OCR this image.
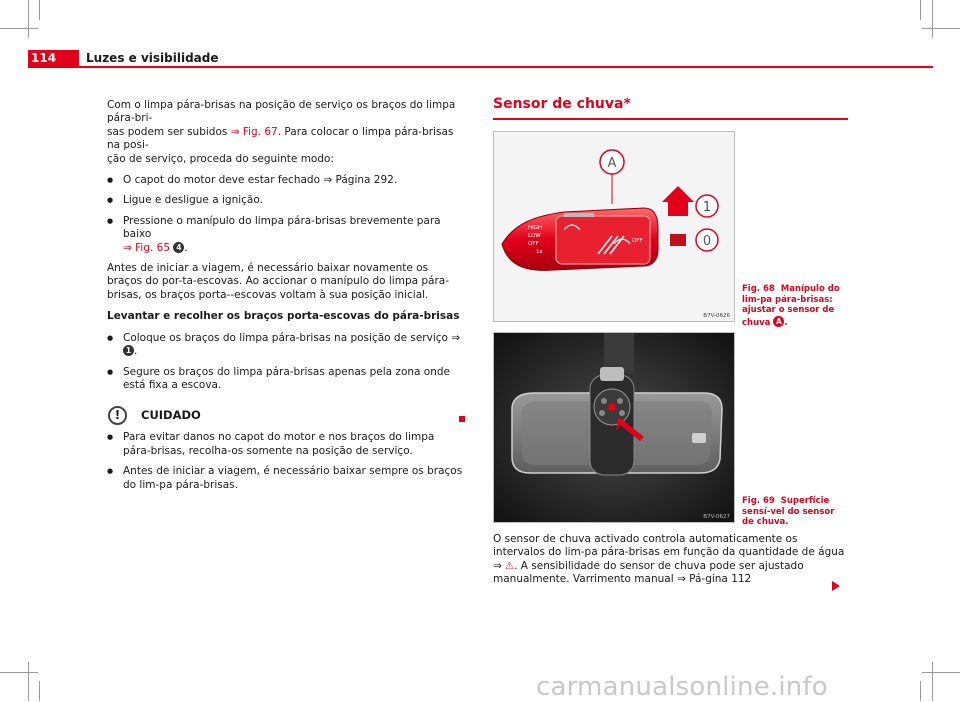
114	Luzes e visibilidade

Com o limpa pára-brisas na posição de serviço os braços do limpa pára-bri-
sas podem ser subidos ⇒ Fig. 67. Para colocar o limpa pára-brisas na posi-
ção de serviço, proceda do seguinte modo:

● O capot do motor deve estar fechado ⇒ Página 292.
● Ligue e desligue a ignição.
● Pressione o manípulo do limpa pára-brisas brevemente para baixo
⇒ Fig. 65 4 .

Antes de iniciar a viagem, é necessário baixar novamente os braços do por-ta-escovas. Ao accionar o manípulo do limpa pára-brisas, os braços porta--escovas voltam à sua posição inicial.

Levantar e recolher os braços porta-escovas do pára-brisas

● Coloque os braços do limpa pára-brisas na posição de serviço ⇒ 1 .
● Segure os braços do limpa pára-brisas apenas pela zona onde está fixa a escova.
!	CUIDADO
● Para evitar danos no capot do motor e nos braços do limpa pára-brisas, recolha-os somente na posição de serviço.
● Antes de iniciar a viagem, é necessário baixar sempre os braços do lim-pa pára-brisas.
Sensor de chuva*
HIGH
LOW
OFF
1x
OFF
A
1
0
B7V-0626
Fig. 68 Manípulo do lim-pa pára-brisas: ajustar o sensor de chuva A .
B7V-0627
Fig. 69 Superfície sensí-vel do sensor de chuva.
O sensor de chuva activado controla automaticamente os intervalos do lim-pa pára-brisas em função da quantidade de água ⇒ ⚠. A sensibilidade do sensor de chuva pode ser ajustado manualmente. Varrimento manual ⇒ Pá-gina 112
carmanualsonline.info
